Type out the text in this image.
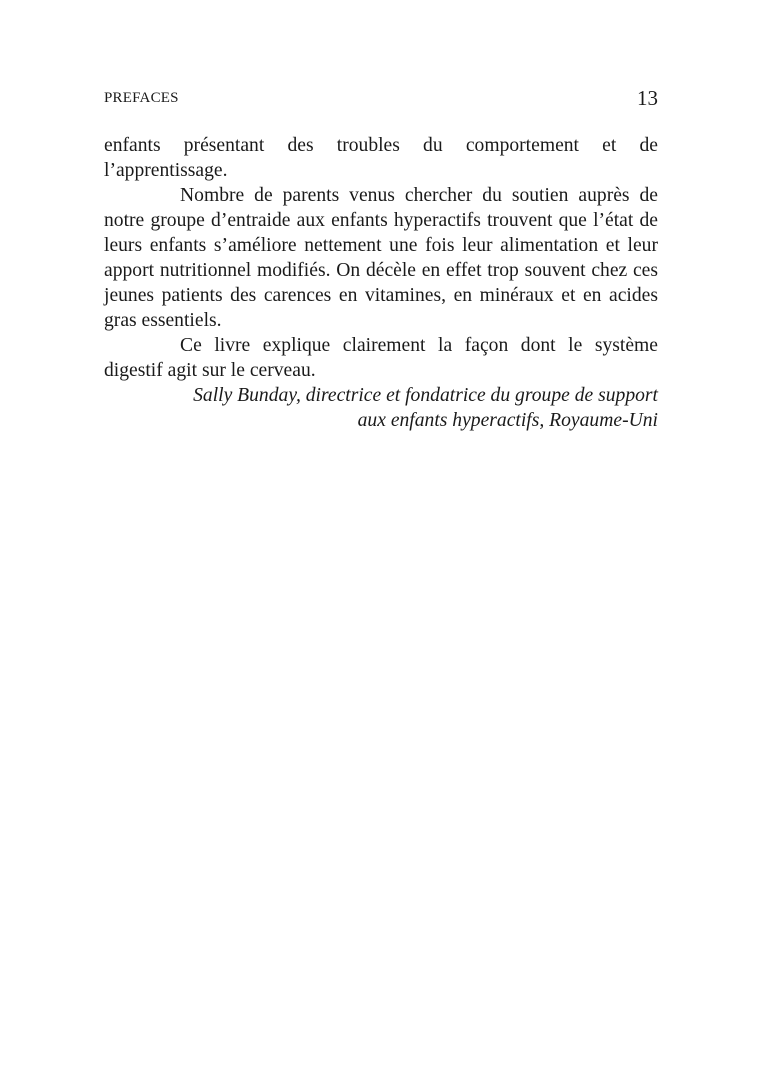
PREFACES	13

enfants présentant des troubles du comportement et de l’apprentissage.

Nombre de parents venus chercher du soutien auprès de notre groupe d’entraide aux enfants hyperactifs trouvent que l’état de leurs enfants s’améliore nettement une fois leur alimentation et leur apport nutritionnel modifiés. On décèle en effet trop souvent chez ces jeunes patients des carences en vitamines, en minéraux et en acides gras essentiels.

Ce livre explique clairement la façon dont le système digestif agit sur le cerveau.

Sally Bunday, directrice et fondatrice du groupe de support
aux enfants hyperactifs, Royaume-Uni
